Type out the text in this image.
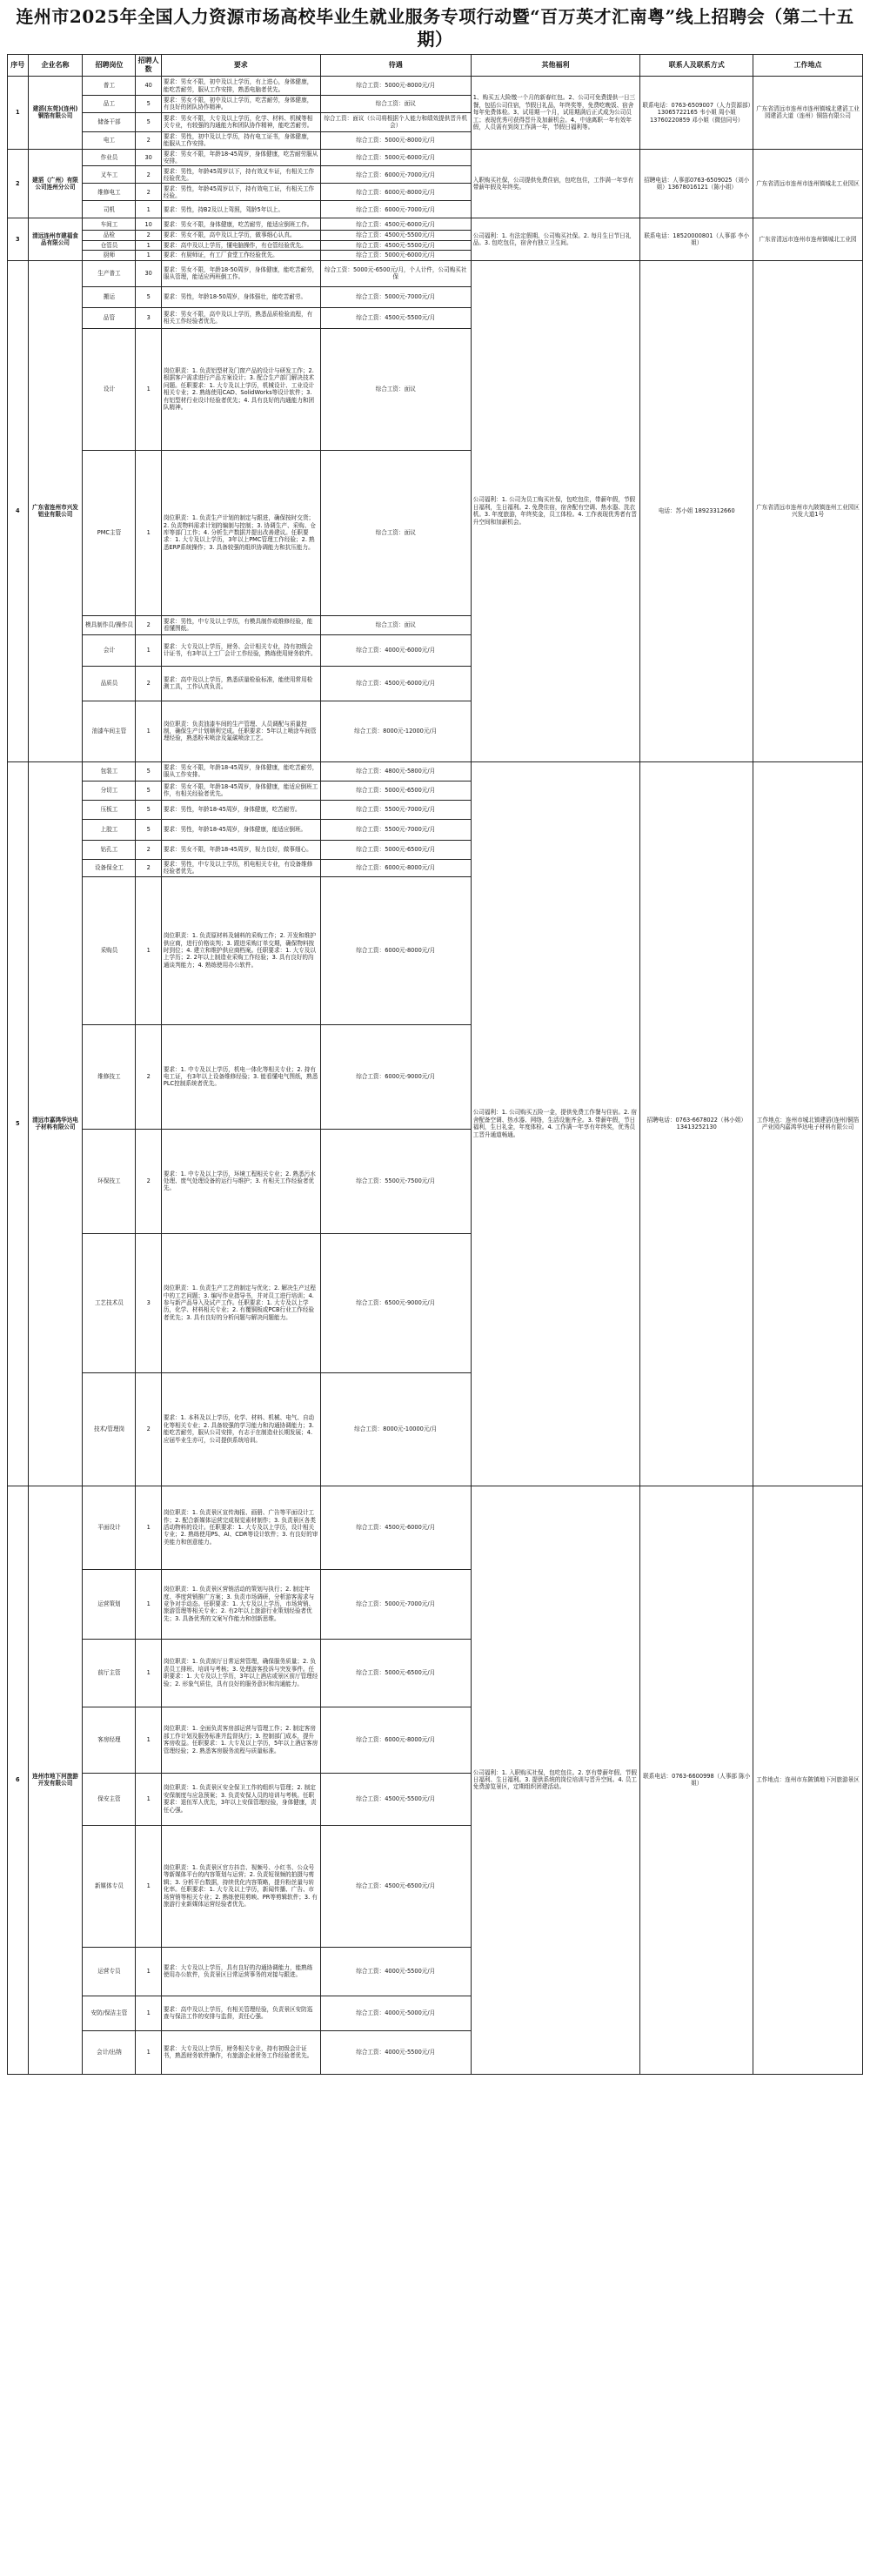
连州市2025年全国人力资源市场高校毕业生就业服务专项行动暨“百万英才汇南粤”线上招聘会（第二十五期）
序号	企业名称	招聘岗位	招聘人数	要求	待遇	其他福利	联系人及联系方式	工作地点
1	建滔(东莞)(连州)铜箔有限公司	普工	40	要求：男女不限，初中及以上学历，有上进心，身体健康，能吃苦耐劳，服从工作安排，熟悉电脑者优先。	综合工资：5000元-8000元/月	1、购买五大险缴一个月的新春红包。2、公司可免费提供一日三餐，包括公司住宿，节假日礼品，年终奖等，免费吃晚饭、宿舍每年免费体检。3、试用期一个月，试用期满后正式成为公司员工；表现优秀可获得晋升及加薪机会。4、中途离职一年有效年假，人员需有到岗工作满一年，节假日福利等。	联系电话：0763-6509007（人力资源部）13065722165 韦小姐 周小姐 13760220859 邓小姐（微信同号）	广东省清远市连州市连州镇城北建滔工业园建滔大道（连州）铜箔有限公司
		品工	5	要求：男女不限，初中及以上学历，吃苦耐劳，身体健康，有良好的团队协作精神。	综合工资：面议			
		储备干部	5	要求：男女不限，大专及以上学历，化学、材料、机械等相关专业，有较强的沟通能力和团队协作精神，能吃苦耐劳。	综合工资：面议（公司将根据个人能力和绩效提供晋升机会）			
		电工	2	要求：男性，初中及以上学历，持有电工证书，身体健康，能服从工作安排。	综合工资：5000元-8000元/月			
2	建滔（广州）有限公司连州分公司	作业员	30	要求：男女不限，年龄18-45周岁，身体健康，吃苦耐劳服从安排。	综合工资：5000元-6000元/月	入职购买社保，公司提供免费住宿，包吃包住，工作满一年享有带薪年假及年终奖。	招聘电话：人事部0763-6509025（刘小姐）13678016121（陈小姐）	广东省清远市连州市连州镇城北工业园区
		叉车工	2	要求：男性，年龄45周岁以下，持有效叉车证，有相关工作经验优先。	综合工资：6000元-7000元/月			
		维修电工	2	要求：男性，年龄45周岁以下，持有效电工证，有相关工作经验。	综合工资：6000元-8000元/月			
		司机	1	要求：男性，持B2及以上驾照，驾龄5年以上。	综合工资：6000元-7000元/月			
3	清远连州市建福食品有限公司	车间工	10	要求：男女不限，身体健康，吃苦耐劳，能适应倒班工作。	综合工资：4500元-6000元/月	公司福利：1. 有法定假期、公司购买社保。2. 每月生日节日礼品。3. 包吃包住，宿舍有独立卫生间。	联系电话：18520000801（人事部 李小姐）	广东省清远市连州市连州镇城北工业园
		品检	2	要求：男女不限，高中及以上学历，做事细心认真。	综合工资：4500元-5500元/月			
		仓管员	1	要求：高中及以上学历，懂电脑操作，有仓管经验优先。	综合工资：4500元-5500元/月			
		厨师	1	要求：有厨师证，有工厂食堂工作经验优先。	综合工资：5000元-6000元/月			
4	广东省连州市兴发铝业有限公司	生产普工	30	要求：男女不限，年龄18-50周岁，身体健康，能吃苦耐劳，服从管理，能适应两班倒工作。	综合工资：5000元-6500元/月，个人计件，公司购买社保	公司福利：1. 公司为员工购买社保，包吃包住，带薪年假，节假日福利，生日福利。2. 免费住宿，宿舍配有空调、热水器、洗衣机。3. 年度旅游，年终奖金，员工体检。4. 工作表现优秀者有晋升空间和加薪机会。	电话：苏小姐 18923312660	广东省清远市连州市九陂镇连州工业园区兴发大道1号
		搬运	5	要求：男性，年龄18-50周岁，身体强壮，能吃苦耐劳。	综合工资：5000元-7000元/月			
		品管	3	要求：男女不限，高中及以上学历，熟悉品质检验流程，有相关工作经验者优先。	综合工资：4500元-5500元/月			
		设计	1	岗位职责：1. 负责铝型材及门窗产品的设计与研发工作；2. 根据客户需求进行产品方案设计；3. 配合生产部门解决技术问题。任职要求：1. 大专及以上学历，机械设计、工业设计相关专业；2. 熟练使用CAD、SolidWorks等设计软件；3. 有铝型材行业设计经验者优先；4. 具有良好的沟通能力和团队精神。	综合工资：面议			
		PMC主管	1	岗位职责：1. 负责生产计划的制定与跟进，确保按时交货；2. 负责物料需求计划的编制与控制；3. 协调生产、采购、仓库等部门工作；4. 分析生产数据并提出改善建议。任职要求：1. 大专及以上学历，3年以上PMC管理工作经验；2. 熟悉ERP系统操作；3. 具备较强的组织协调能力和抗压能力。	综合工资：面议			
		模具制作员/操作员	2	要求：男性，中专及以上学历，有模具制作或维修经验，能看懂图纸。	综合工资：面议			
		会计	1	要求：大专及以上学历，财务、会计相关专业，持有初级会计证书，有3年以上工厂会计工作经验，熟练使用财务软件。	综合工资：4000元-6000元/月			
		品质员	2	要求：高中及以上学历，熟悉质量检验标准，能使用常用检测工具，工作认真负责。	综合工资：4500元-6000元/月			
		油漆车间主管	1	岗位职责：负责油漆车间的生产管理、人员调配与质量控制，确保生产计划顺利完成。任职要求：5年以上喷涂车间管理经验，熟悉粉末喷涂及氟碳喷涂工艺。	综合工资：8000元-12000元/月			
5	清远市嘉鸿华达电子材料有限公司	包装工	5	要求：男女不限，年龄18-45周岁，身体健康，能吃苦耐劳，服从工作安排。	综合工资：4800元-5800元/月	公司福利：1. 公司购买五险一金，提供免费工作餐与住宿。2. 宿舍配备空调、热水器、网络，生活设施齐全。3. 带薪年假，节日福利，生日礼金，年度体检。4. 工作满一年享有年终奖，优秀员工晋升通道畅通。	招聘电话：0763-6678022（林小姐）13413252130	工作地点：连州市城北镇建滔(连州)铜箔产业园内嘉鸿华达电子材料有限公司
		分切工	5	要求：男女不限，年龄18-45周岁，身体健康，能适应倒班工作，有相关经验者优先。	综合工资：5000元-6500元/月			
		压板工	5	要求：男性，年龄18-45周岁，身体健康，吃苦耐劳。	综合工资：5500元-7000元/月			
		上胶工	5	要求：男性，年龄18-45周岁，身体健康，能适应倒班。	综合工资：5500元-7000元/月			
		钻孔工	2	要求：男女不限，年龄18-45周岁，视力良好，做事细心。	综合工资：5000元-6500元/月			
		设备保全工	2	要求：男性，中专及以上学历，机电相关专业，有设备维修经验者优先。	综合工资：6000元-8000元/月			
		采购员	1	岗位职责：1. 负责原材料及辅料的采购工作；2. 开发和维护供应商，进行价格谈判；3. 跟进采购订单交期，确保物料按时到位；4. 建立和维护供应商档案。任职要求：1. 大专及以上学历；2. 2年以上制造业采购工作经验；3. 具有良好的沟通谈判能力；4. 熟练使用办公软件。	综合工资：6000元-8000元/月			
		维修技工	2	要求：1. 中专及以上学历，机电一体化等相关专业；2. 持有电工证，有3年以上设备维修经验；3. 能看懂电气图纸，熟悉PLC控制系统者优先。	综合工资：6000元-9000元/月			
		环保技工	2	要求：1. 中专及以上学历，环境工程相关专业；2. 熟悉污水处理、废气处理设备的运行与维护；3. 有相关工作经验者优先。	综合工资：5500元-7500元/月			
		工艺技术员	3	岗位职责：1. 负责生产工艺的制定与优化；2. 解决生产过程中的工艺问题；3. 编写作业指导书，并对员工进行培训；4. 参与新产品导入及试产工作。任职要求：1. 大专及以上学历，化学、材料相关专业；2. 有覆铜板或PCB行业工作经验者优先；3. 具有良好的分析问题与解决问题能力。	综合工资：6500元-9000元/月			
		技术/管理岗	2	要求：1. 本科及以上学历，化学、材料、机械、电气、自动化等相关专业；2. 具备较强的学习能力和沟通协调能力；3. 能吃苦耐劳，服从公司安排，有志于在制造业长期发展；4. 应届毕业生亦可，公司提供系统培训。	综合工资：8000元-10000元/月			
6	连州市地下河旅游开发有限公司	平面设计	1	岗位职责：1. 负责景区宣传海报、画册、广告等平面设计工作；2. 配合新媒体运营完成视觉素材制作；3. 负责景区各类活动物料的设计。任职要求：1. 大专及以上学历，设计相关专业；2. 熟练使用PS、AI、CDR等设计软件；3. 有良好的审美能力和创意能力。	综合工资：4500元-6000元/月	公司福利：1. 入职购买社保，包吃包住。2. 享有带薪年假、节假日福利、生日福利。3. 提供系统的岗位培训与晋升空间。4. 员工免费游览景区，定期组织团建活动。	联系电话：0763-6600998（人事部 陈小姐）	工作地点：连州市东陂镇地下河旅游景区
		运营策划	1	岗位职责：1. 负责景区营销活动的策划与执行；2. 制定年度、季度营销推广方案；3. 负责市场调研，分析游客需求与竞争对手动态。任职要求：1. 大专及以上学历，市场营销、旅游管理等相关专业；2. 有2年以上旅游行业策划经验者优先；3. 具备优秀的文案写作能力和创新思维。	综合工资：5000元-7000元/月			
		前厅主管	1	岗位职责：1. 负责前厅日常运营管理，确保服务质量；2. 负责员工排班、培训与考核；3. 处理游客投诉与突发事件。任职要求：1. 大专及以上学历，3年以上酒店或景区前厅管理经验；2. 形象气质佳，具有良好的服务意识和沟通能力。	综合工资：5000元-6500元/月			
		客房经理	1	岗位职责：1. 全面负责客房部运营与管理工作；2. 制定客房部工作计划及服务标准并监督执行；3. 控制部门成本，提升客房收益。任职要求：1. 大专及以上学历，5年以上酒店客房管理经验；2. 熟悉客房服务流程与质量标准。	综合工资：6000元-8000元/月			
		保安主管	1	岗位职责：1. 负责景区安全保卫工作的组织与管理；2. 制定安保制度与应急预案；3. 负责安保人员的培训与考核。任职要求：退伍军人优先，3年以上安保管理经验，身体健康，责任心强。	综合工资：4500元-5500元/月			
		新媒体专员	1	岗位职责：1. 负责景区官方抖音、视频号、小红书、公众号等新媒体平台的内容策划与运营；2. 负责短视频的拍摄与剪辑；3. 分析平台数据，持续优化内容策略，提升粉丝量与转化率。任职要求：1. 大专及以上学历，新闻传播、广告、市场营销等相关专业；2. 熟练使用剪映、PR等剪辑软件；3. 有旅游行业新媒体运营经验者优先。	综合工资：4500元-6500元/月			
		运营专员	1	要求：大专及以上学历，具有良好的沟通协调能力，能熟练使用办公软件，负责景区日常运营事务的对接与跟进。	综合工资：4000元-5500元/月			
		安防/保洁主管	1	要求：高中及以上学历，有相关管理经验，负责景区安防巡查与保洁工作的安排与监督，责任心强。	综合工资：4000元-5000元/月			
		会计/出纳	1	要求：大专及以上学历，财务相关专业，持有初级会计证书，熟悉财务软件操作，有旅游企业财务工作经验者优先。	综合工资：4000元-5500元/月			
